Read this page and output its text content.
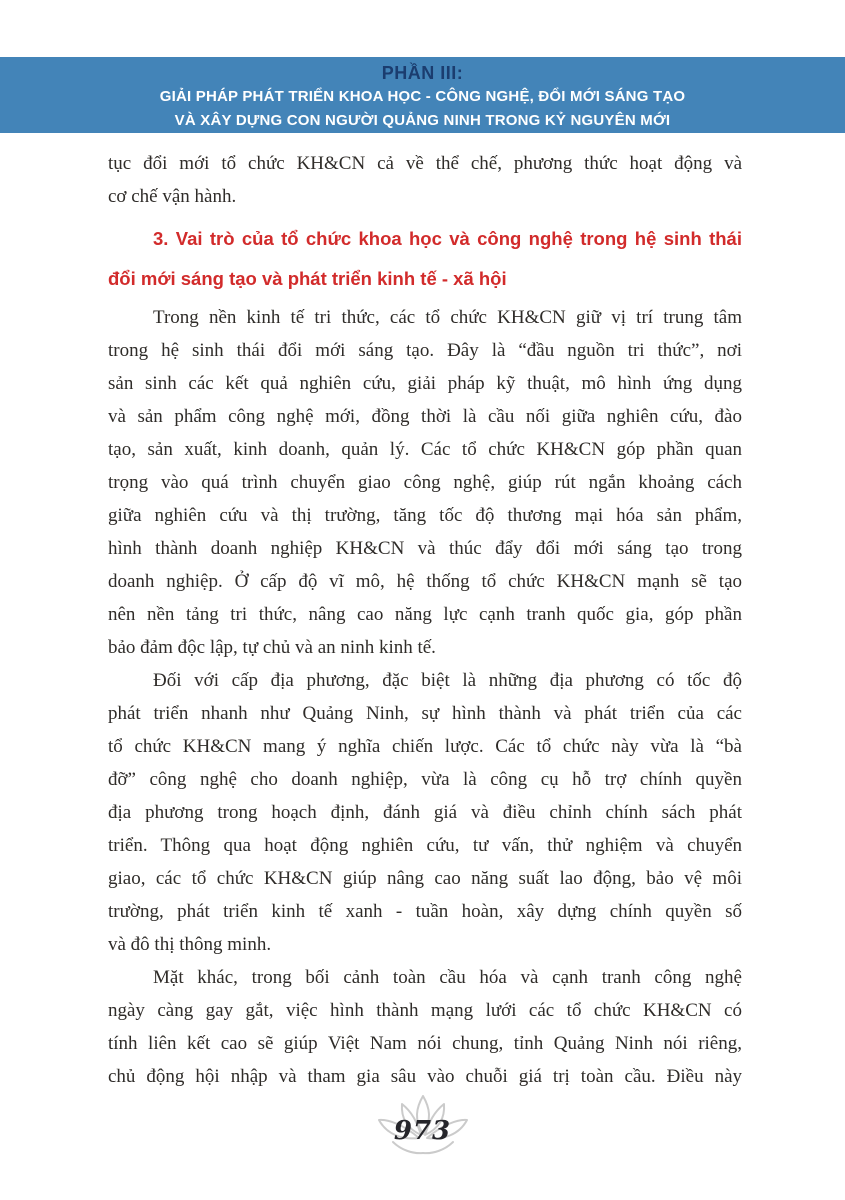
PHẦN III:
GIẢI PHÁP PHÁT TRIỂN KHOA HỌC - CÔNG NGHỆ, ĐỔI MỚI SÁNG TẠO
VÀ XÂY DỰNG CON NGƯỜI QUẢNG NINH TRONG KỶ NGUYÊN MỚI
tục đổi mới tổ chức KH&CN cả về thể chế, phương thức hoạt động và
cơ chế vận hành.
3. Vai trò của tổ chức khoa học và công nghệ trong hệ sinh thái
đổi mới sáng tạo và phát triển kinh tế - xã hội
Trong nền kinh tế tri thức, các tổ chức KH&CN giữ vị trí trung tâm
trong hệ sinh thái đổi mới sáng tạo. Đây là “đầu nguồn tri thức”, nơi
sản sinh các kết quả nghiên cứu, giải pháp kỹ thuật, mô hình ứng dụng
và sản phẩm công nghệ mới, đồng thời là cầu nối giữa nghiên cứu, đào
tạo, sản xuất, kinh doanh, quản lý. Các tổ chức KH&CN góp phần quan
trọng vào quá trình chuyển giao công nghệ, giúp rút ngắn khoảng cách
giữa nghiên cứu và thị trường, tăng tốc độ thương mại hóa sản phẩm,
hình thành doanh nghiệp KH&CN và thúc đẩy đổi mới sáng tạo trong
doanh nghiệp. Ở cấp độ vĩ mô, hệ thống tổ chức KH&CN mạnh sẽ tạo
nên nền tảng tri thức, nâng cao năng lực cạnh tranh quốc gia, góp phần
bảo đảm độc lập, tự chủ và an ninh kinh tế.
Đối với cấp địa phương, đặc biệt là những địa phương có tốc độ
phát triển nhanh như Quảng Ninh, sự hình thành và phát triển của các
tổ chức KH&CN mang ý nghĩa chiến lược. Các tổ chức này vừa là “bà
đỡ” công nghệ cho doanh nghiệp, vừa là công cụ hỗ trợ chính quyền
địa phương trong hoạch định, đánh giá và điều chỉnh chính sách phát
triển. Thông qua hoạt động nghiên cứu, tư vấn, thử nghiệm và chuyển
giao, các tổ chức KH&CN giúp nâng cao năng suất lao động, bảo vệ môi
trường, phát triển kinh tế xanh - tuần hoàn, xây dựng chính quyền số
và đô thị thông minh.
Mặt khác, trong bối cảnh toàn cầu hóa và cạnh tranh công nghệ
ngày càng gay gắt, việc hình thành mạng lưới các tổ chức KH&CN có
tính liên kết cao sẽ giúp Việt Nam nói chung, tỉnh Quảng Ninh nói riêng,
chủ động hội nhập và tham gia sâu vào chuỗi giá trị toàn cầu. Điều này
973
